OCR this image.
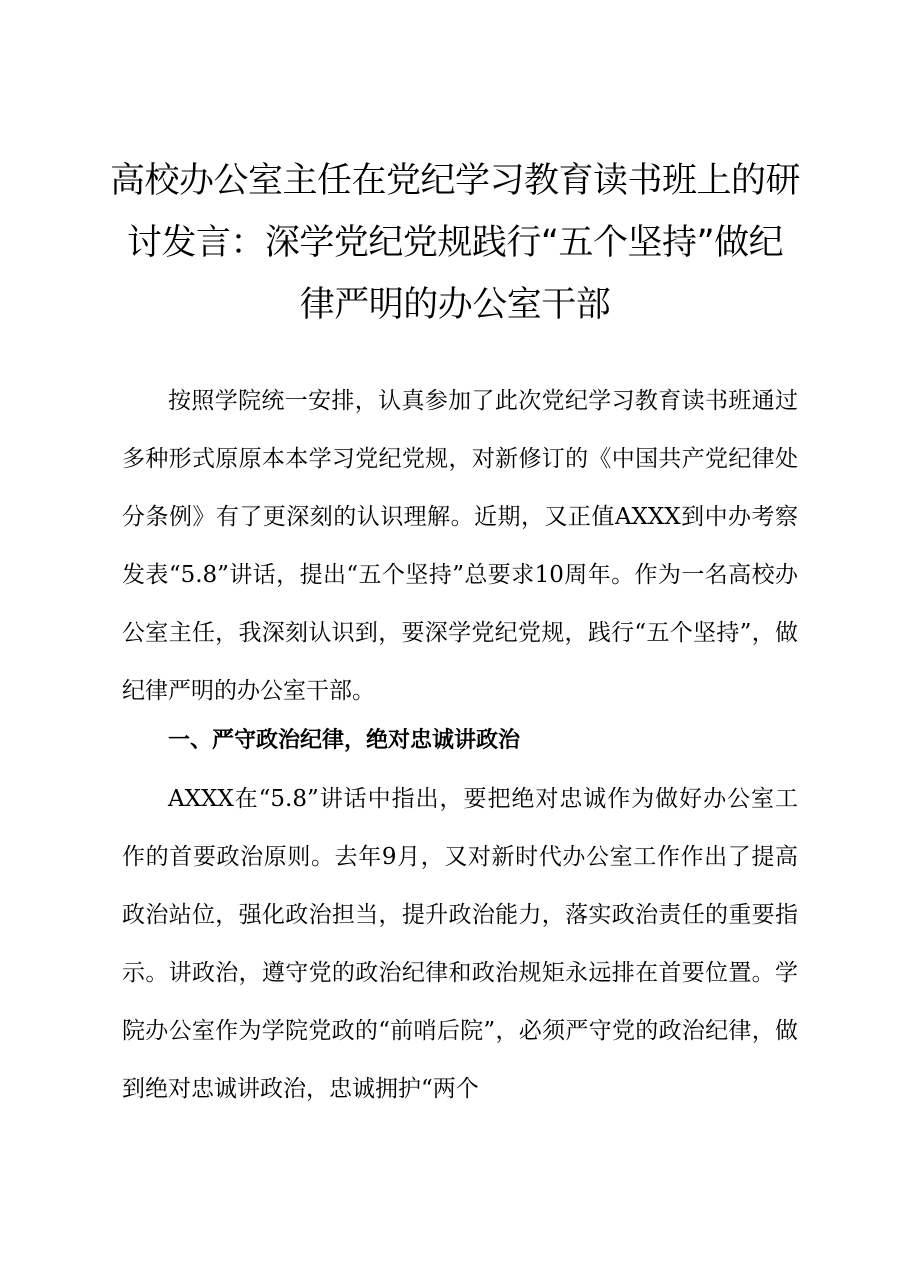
高校办公室主任在党纪学习教育读书班上的研讨发言：深学党纪党规践行“五个坚持”做纪律严明的办公室干部

按照学院统一安排，认真参加了此次党纪学习教育读书班通过多种形式原原本本学习党纪党规，对新修订的《中国共产党纪律处分条例》有了更深刻的认识理解。近期，又正值AXXX到中办考察发表“5.8”讲话，提出“五个坚持”总要求10周年。作为一名高校办公室主任，我深刻认识到，要深学党纪党规，践行“五个坚持”，做纪律严明的办公室干部。

一、严守政治纪律，绝对忠诚讲政治

AXXX在“5.8”讲话中指出，要把绝对忠诚作为做好办公室工作的首要政治原则。去年9月，又对新时代办公室工作作出了提高政治站位，强化政治担当，提升政治能力，落实政治责任的重要指示。讲政治，遵守党的政治纪律和政治规矩永远排在首要位置。学院办公室作为学院党政的“前哨后院”，必须严守党的政治纪律，做到绝对忠诚讲政治，忠诚拥护“两个
